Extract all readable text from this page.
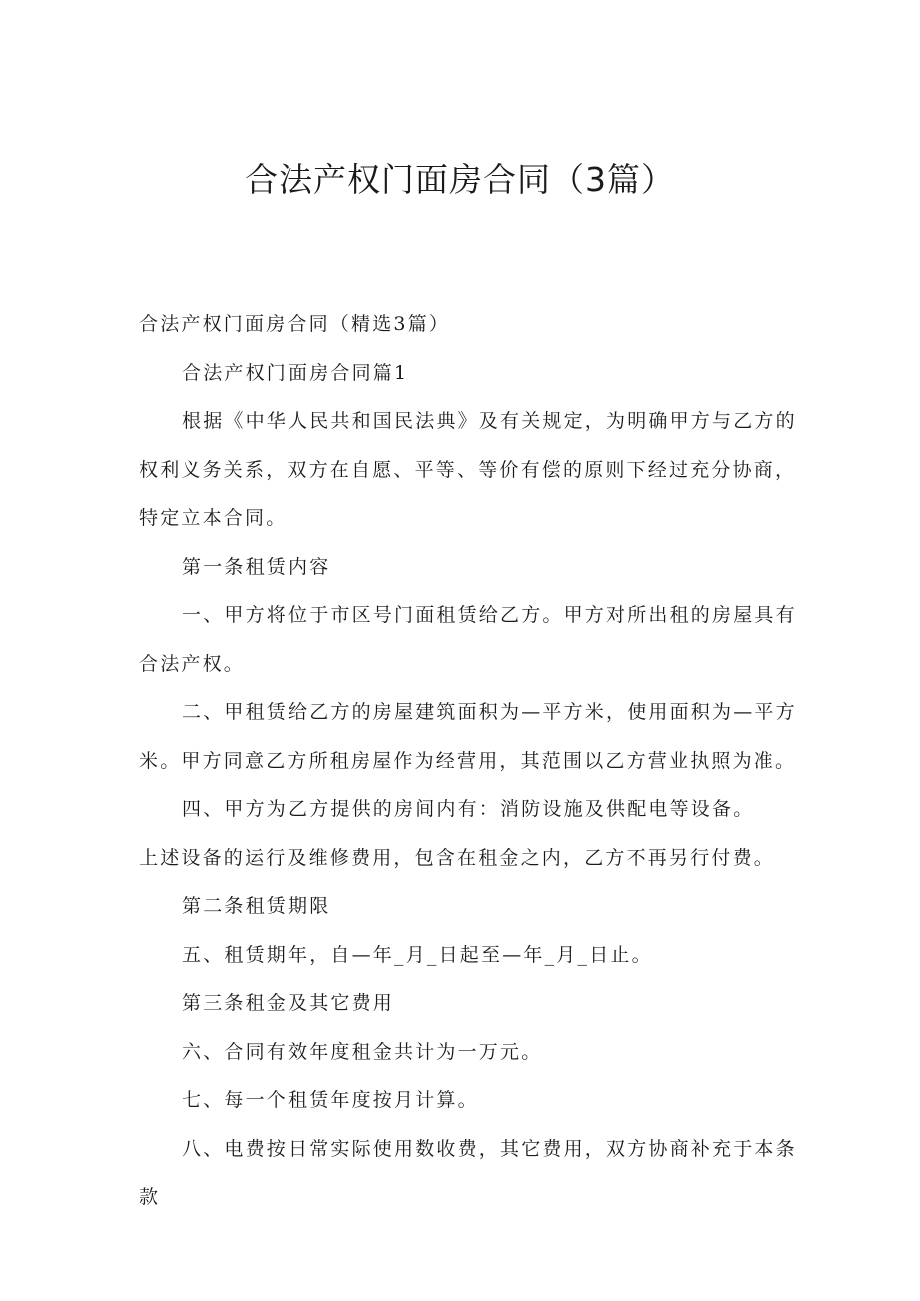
合法产权门面房合同（3篇）

合法产权门面房合同（精选3篇）

合法产权门面房合同篇1

根据《中华人民共和国民法典》及有关规定，为明确甲方与乙方的权利义务关系，双方在自愿、平等、等价有偿的原则下经过充分协商，特定立本合同。

第一条租赁内容

一、甲方将位于市区号门面租赁给乙方。甲方对所出租的房屋具有合法产权。

二、甲租赁给乙方的房屋建筑面积为—平方米，使用面积为—平方米。甲方同意乙方所租房屋作为经营用，其范围以乙方营业执照为准。

四、甲方为乙方提供的房间内有：消防设施及供配电等设备。

上述设备的运行及维修费用，包含在租金之内，乙方不再另行付费。

第二条租赁期限

五、租赁期年，自—年_月_日起至—年_月_日止。

第三条租金及其它费用

六、合同有效年度租金共计为一万元。

七、每一个租赁年度按月计算。

八、电费按日常实际使用数收费，其它费用，双方协商补充于本条款
